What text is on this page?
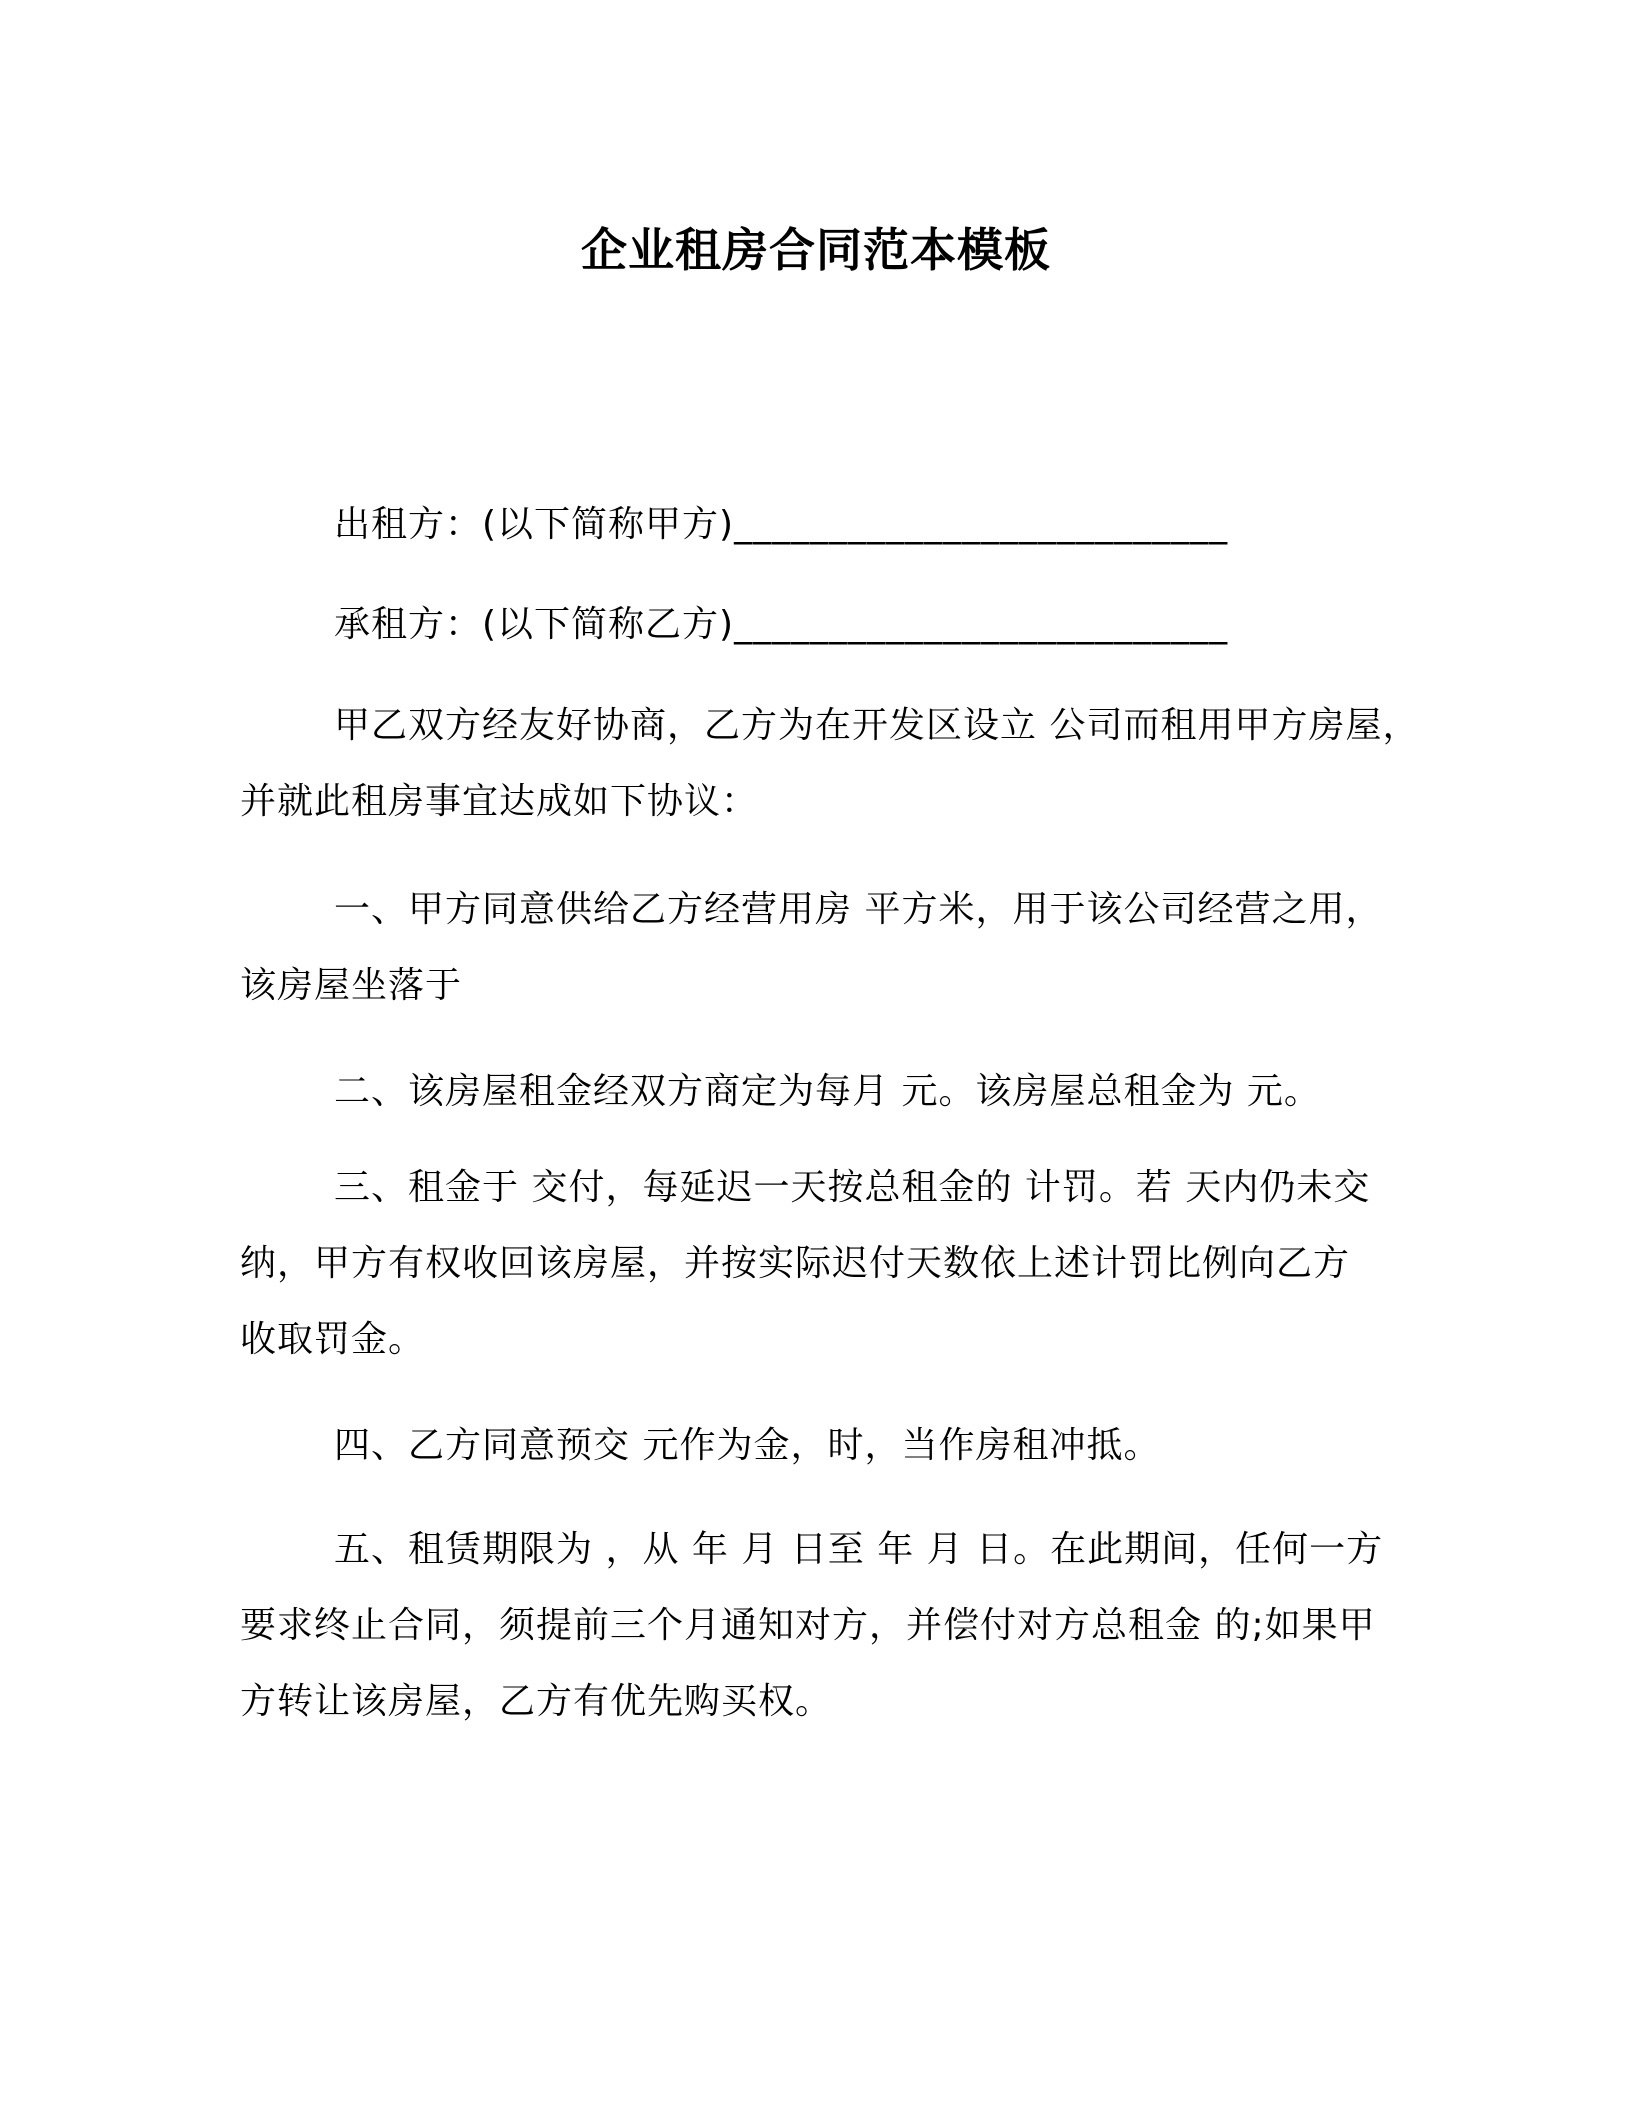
企业租房合同范本模板
出租方：(以下简称甲方)__________________________
承租方：(以下简称乙方)__________________________
甲乙双方经友好协商，乙方为在开发区设立 公司而租用甲方房屋，
并就此租房事宜达成如下协议：
一、甲方同意供给乙方经营用房 平方米，用于该公司经营之用，
该房屋坐落于
二、该房屋租金经双方商定为每月 元。该房屋总租金为 元。
三、租金于 交付，每延迟一天按总租金的 计罚。若 天内仍未交
纳，甲方有权收回该房屋，并按实际迟付天数依上述计罚比例向乙方
收取罚金。
四、乙方同意预交 元作为金，时，当作房租冲抵。
五、租赁期限为 ，从 年 月 日至 年 月 日。在此期间，任何一方
要求终止合同，须提前三个月通知对方，并偿付对方总租金 的;如果甲
方转让该房屋，乙方有优先购买权。
